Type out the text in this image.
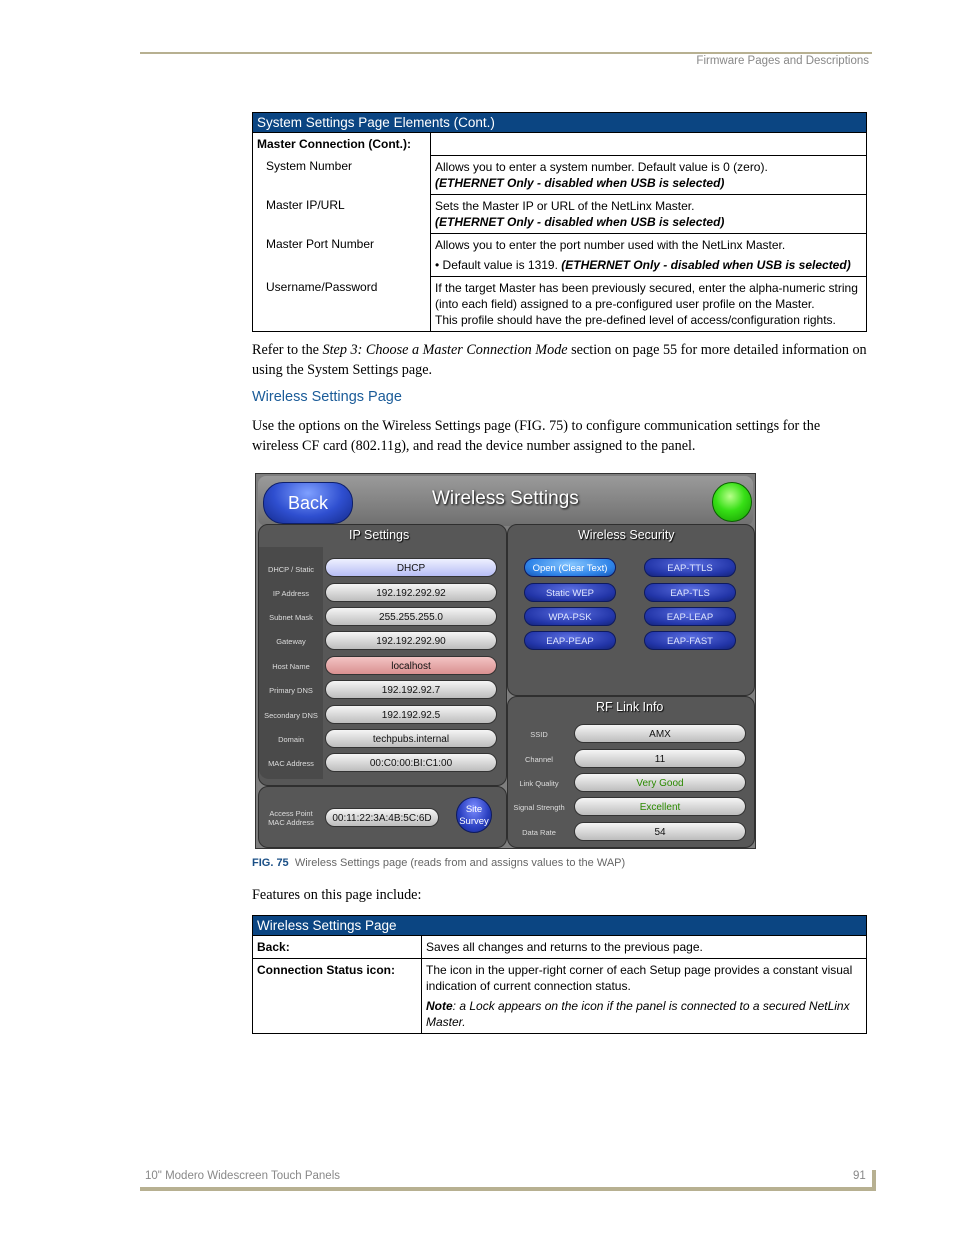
Firmware Pages and Descriptions
System Settings Page Elements (Cont.)	
Master Connection (Cont.):	
System Number	Allows you to enter a system number. Default value is 0 (zero).
(ETHERNET Only - disabled when USB is selected)

Master IP/URL	Sets the Master IP or URL of the NetLinx Master.
(ETHERNET Only - disabled when USB is selected)

Master Port Number	Allows you to enter the port number used with the NetLinx Master.
• Default value is 1319. (ETHERNET Only - disabled when USB is selected)

Username/Password	If the target Master has been previously secured, enter the alpha-numeric string (into each field) assigned to a pre-configured user profile on the Master.
This profile should have the pre-defined level of access/configuration rights.
Refer to the Step 3: Choose a Master Connection Mode section on page 55 for more detailed information on using the System Settings page.
Wireless Settings Page
Use the options on the Wireless Settings page (FIG. 75) to configure communication settings for the wireless CF card (802.11g), and read the device number assigned to the panel.
Back	Wireless Settings
IP Settings
DHCP / Static	DHCP
IP Address	192.192.292.92
Subnet Mask	255.255.255.0
Gateway	192.192.292.90
Host Name	localhost
Primary DNS	192.192.92.7
Secondary DNS	192.192.92.5
Domain	techpubs.internal
MAC Address	00:C0:00:BI:C1:00
Access Point MAC Address	00:11:22:3A:4B:5C:6D
Site Survey
Wireless Security
Open (Clear Text)	EAP-TTLS
Static WEP	EAP-TLS
WPA-PSK	EAP-LEAP
EAP-PEAP	EAP-FAST
RF Link Info
SSID	AMX
Channel	11
Link Quality	Very Good
Signal Strength	Excellent
Data Rate	54
FIG. 75 Wireless Settings page (reads from and assigns values to the WAP)
Features on this page include:
Wireless Settings Page	
Back:	Saves all changes and returns to the previous page.
Connection Status icon:	The icon in the upper-right corner of each Setup page provides a constant visual indication of current connection status.
Note: a Lock appears on the icon if the panel is connected to a secured NetLinx Master.
10" Modero Widescreen Touch Panels	91
